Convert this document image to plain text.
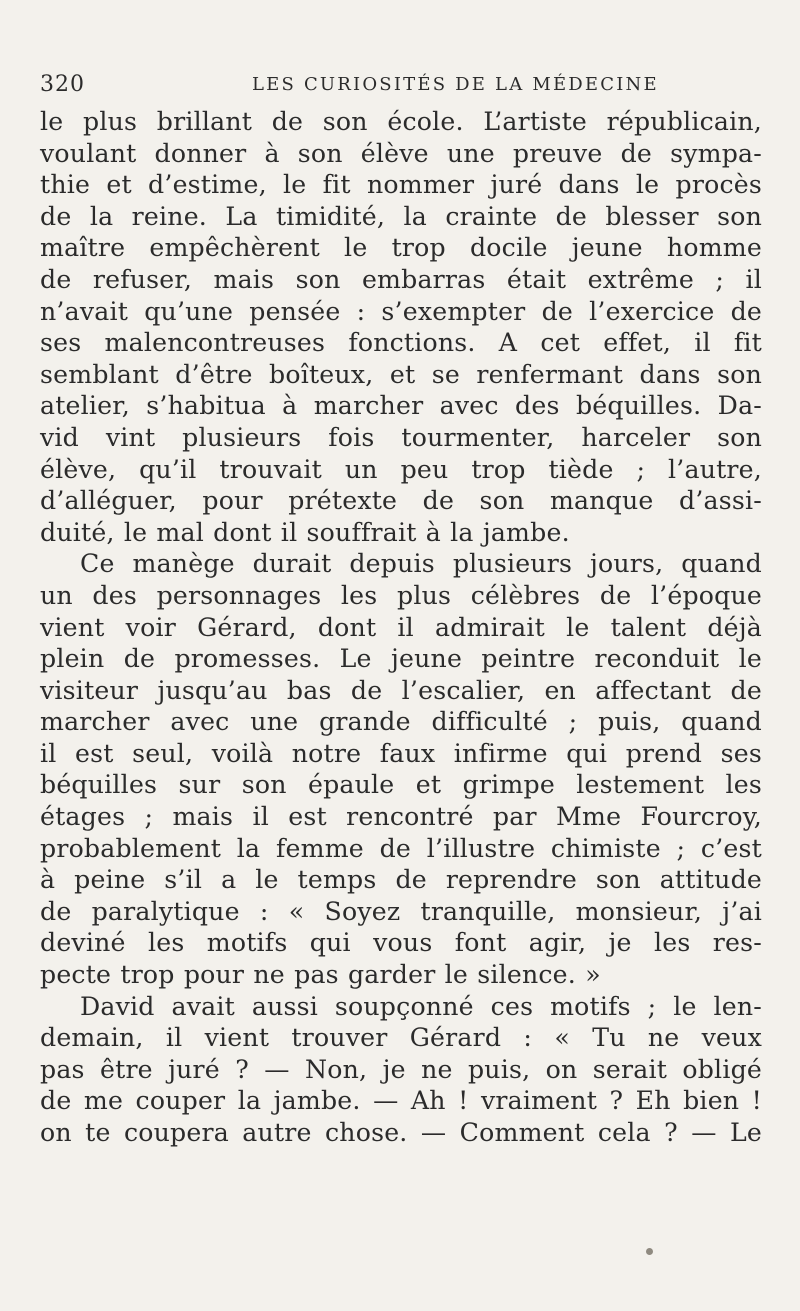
320	LES CURIOSITÉS DE LA MÉDECINE
le plus brillant de son école. L’artiste républicain,
voulant donner à son élève une preuve de sympa-
thie et d’estime, le fit nommer juré dans le procès
de la reine. La timidité, la crainte de blesser son
maître empêchèrent le trop docile jeune homme
de refuser, mais son embarras était extrême ; il
n’avait qu’une pensée : s’exempter de l’exercice de
ses malencontreuses fonctions. A cet effet, il fit
semblant d’être boîteux, et se renfermant dans son
atelier, s’habitua à marcher avec des béquilles. Da-
vid vint plusieurs fois tourmenter, harceler son
élève, qu’il trouvait un peu trop tiède ; l’autre,
d’alléguer, pour prétexte de son manque d’assi-
duité, le mal dont il souffrait à la jambe.
Ce manège durait depuis plusieurs jours, quand
un des personnages les plus célèbres de l’époque
vient voir Gérard, dont il admirait le talent déjà
plein de promesses. Le jeune peintre reconduit le
visiteur jusqu’au bas de l’escalier, en affectant de
marcher avec une grande difficulté ; puis, quand
il est seul, voilà notre faux infirme qui prend ses
béquilles sur son épaule et grimpe lestement les
étages ; mais il est rencontré par Mme Fourcroy,
probablement la femme de l’illustre chimiste ; c’est
à peine s’il a le temps de reprendre son attitude
de paralytique : « Soyez tranquille, monsieur, j’ai
deviné les motifs qui vous font agir, je les res-
pecte trop pour ne pas garder le silence. »
David avait aussi soupçonné ces motifs ; le len-
demain, il vient trouver Gérard : « Tu ne veux
pas être juré ? — Non, je ne puis, on serait obligé
de me couper la jambe. — Ah ! vraiment ? Eh bien !
on te coupera autre chose. — Comment cela ? — Le
